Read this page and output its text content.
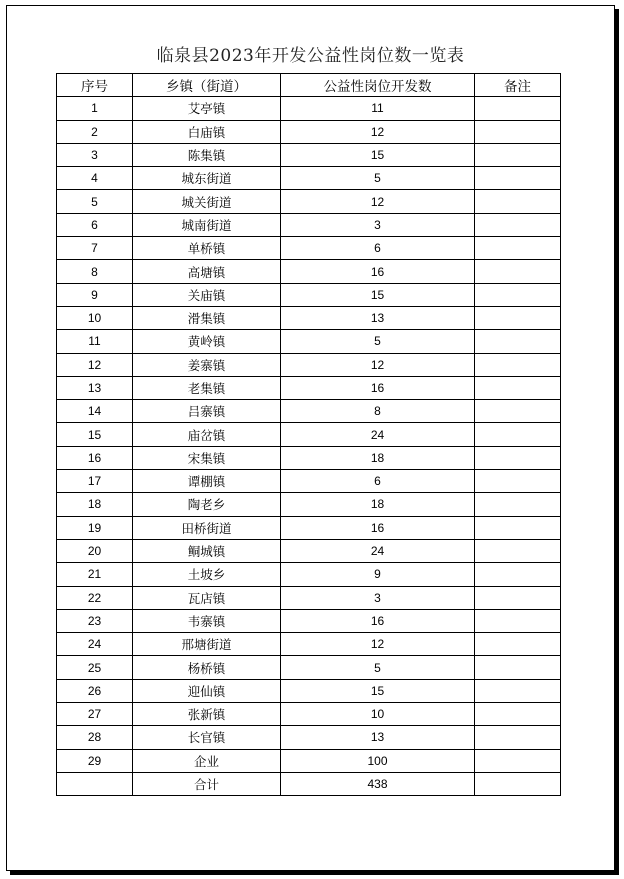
临泉县2023年开发公益性岗位数一览表
序号	乡镇（街道）	公益性岗位开发数	备注
1	艾亭镇	11	
2	白庙镇	12	
3	陈集镇	15	
4	城东街道	5	
5	城关街道	12	
6	城南街道	3	
7	单桥镇	6	
8	高塘镇	16	
9	关庙镇	15	
10	滑集镇	13	
11	黄岭镇	5	
12	姜寨镇	12	
13	老集镇	16	
14	吕寨镇	8	
15	庙岔镇	24	
16	宋集镇	18	
17	谭棚镇	6	
18	陶老乡	18	
19	田桥街道	16	
20	鲖城镇	24	
21	土坡乡	9	
22	瓦店镇	3	
23	韦寨镇	16	
24	邢塘街道	12	
25	杨桥镇	5	
26	迎仙镇	15	
27	张新镇	10	
28	长官镇	13	
29	企业	100	
	合计	438	
